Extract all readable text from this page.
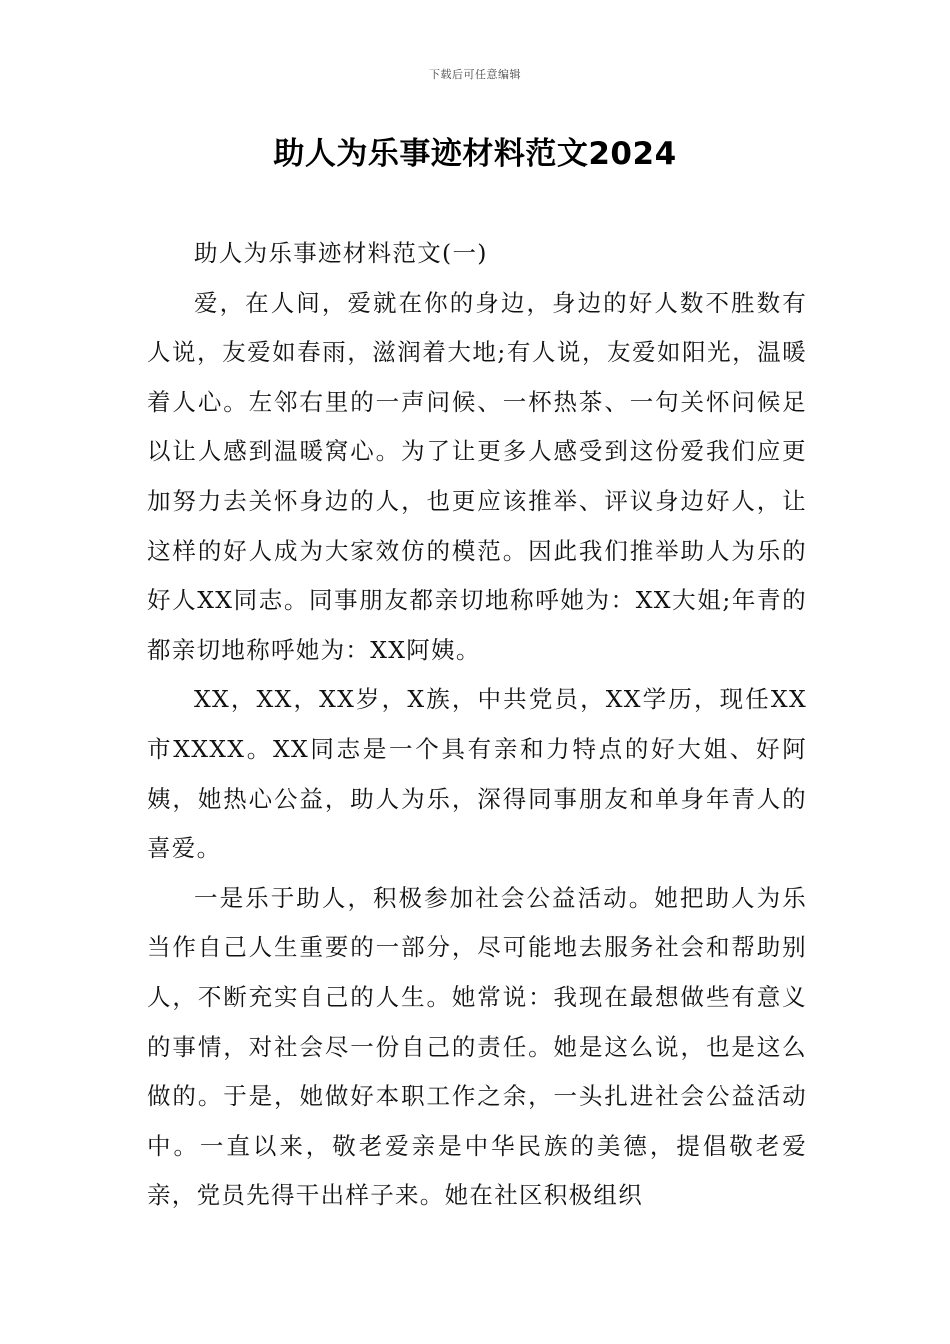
下载后可任意编辑
助人为乐事迹材料范文2024

助人为乐事迹材料范文(一)

爱，在人间，爱就在你的身边，身边的好人数不胜数有人说，友爱如春雨，滋润着大地;有人说，友爱如阳光，温暖着人心。左邻右里的一声问候、一杯热茶、一句关怀问候足以让人感到温暖窝心。为了让更多人感受到这份爱我们应更加努力去关怀身边的人，也更应该推举、评议身边好人，让这样的好人成为大家效仿的模范。因此我们推举助人为乐的好人XX同志。同事朋友都亲切地称呼她为：XX大姐;年青的都亲切地称呼她为：XX阿姨。

XX，XX，XX岁，X族，中共党员，XX学历，现任XX市XXXX。XX同志是一个具有亲和力特点的好大姐、好阿姨，她热心公益，助人为乐，深得同事朋友和单身年青人的喜爱。

一是乐于助人，积极参加社会公益活动。她把助人为乐当作自己人生重要的一部分，尽可能地去服务社会和帮助别人，不断充实自己的人生。她常说：我现在最想做些有意义的事情，对社会尽一份自己的责任。她是这么说，也是这么做的。于是，她做好本职工作之余，一头扎进社会公益活动中。一直以来，敬老爱亲是中华民族的美德，提倡敬老爱亲，党员先得干出样子来。她在社区积极组织
